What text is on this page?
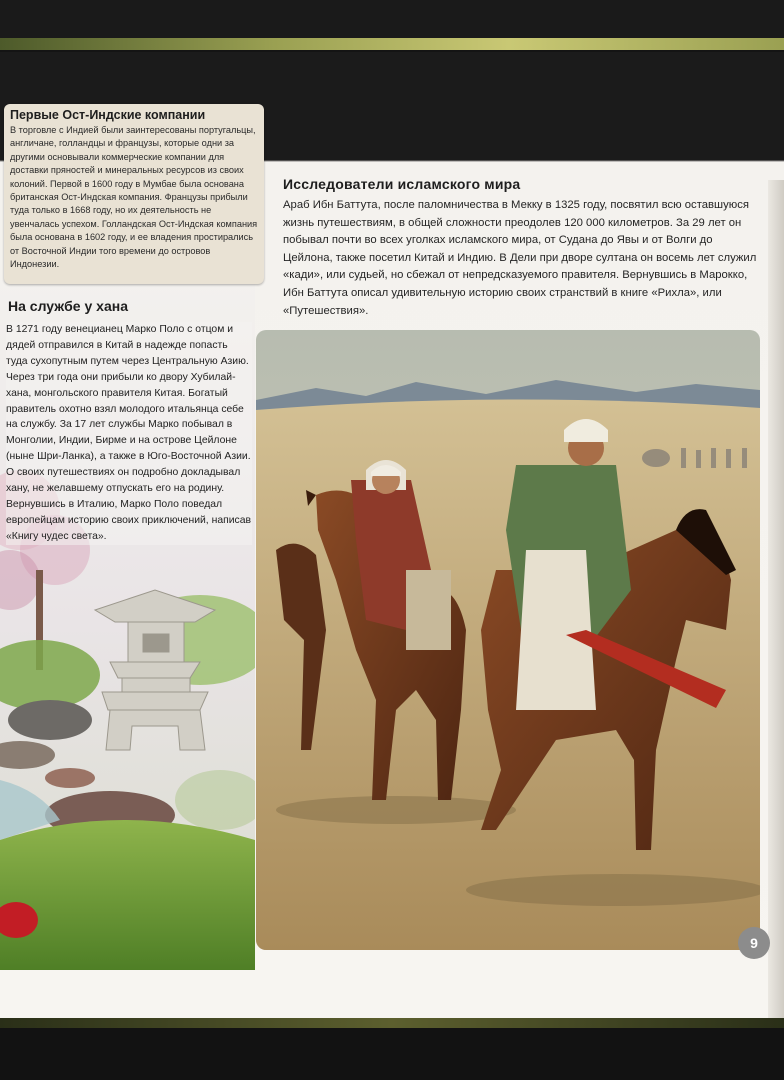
Первые Ост-Индские компании

В торговле с Индией были заинтересованы португальцы, англичане, голландцы и французы, которые одни за другими основывали коммерческие компании для доставки пряностей и минеральных ресурсов из своих колоний. Первой в 1600 году в Мумбае была основана британская Ост-Индская компания. Французы прибыли туда только в 1668 году, но их деятельность не увенчалась успехом. Голландская Ост-Индская компания была основана в 1602 году, и ее владения простирались от Восточной Индии того времени до островов Индонезии.

На службе у хана
В 1271 году венецианец Марко Поло с отцом и дядей отправился в Китай в надежде попасть туда сухопутным путем через Центральную Азию. Через три года они прибыли ко двору Хубилай-хана, монгольского правителя Китая. Богатый правитель охотно взял молодого итальянца себе на службу. За 17 лет службы Марко побывал в Монголии, Индии, Бирме и на острове Цейлоне (ныне Шри-Ланка), а также в Юго-Восточной Азии. О своих путешествиях он подробно докладывал хану, не желавшему отпускать его на родину. Вернувшись в Италию, Марко Поло поведал европейцам историю своих приключений, написав «Книгу чудес света».
Исследователи исламского мира
Араб Ибн Баттута, после паломничества в Мекку в 1325 году, посвятил всю оставшуюся жизнь путешествиям, в общей сложности преодолев 120 000 километров. За 29 лет он побывал почти во всех уголках исламского мира, от Судана до Явы и от Волги до Цейлона, также посетил Китай и Индию. В Дели при дворе султана он восемь лет служил «кади», или судьей, но сбежал от непредсказуемого правителя. Вернувшись в Марокко, Ибн Баттута описал удивительную историю своих странствий в книге «Рихла», или «Путешествия».
9
